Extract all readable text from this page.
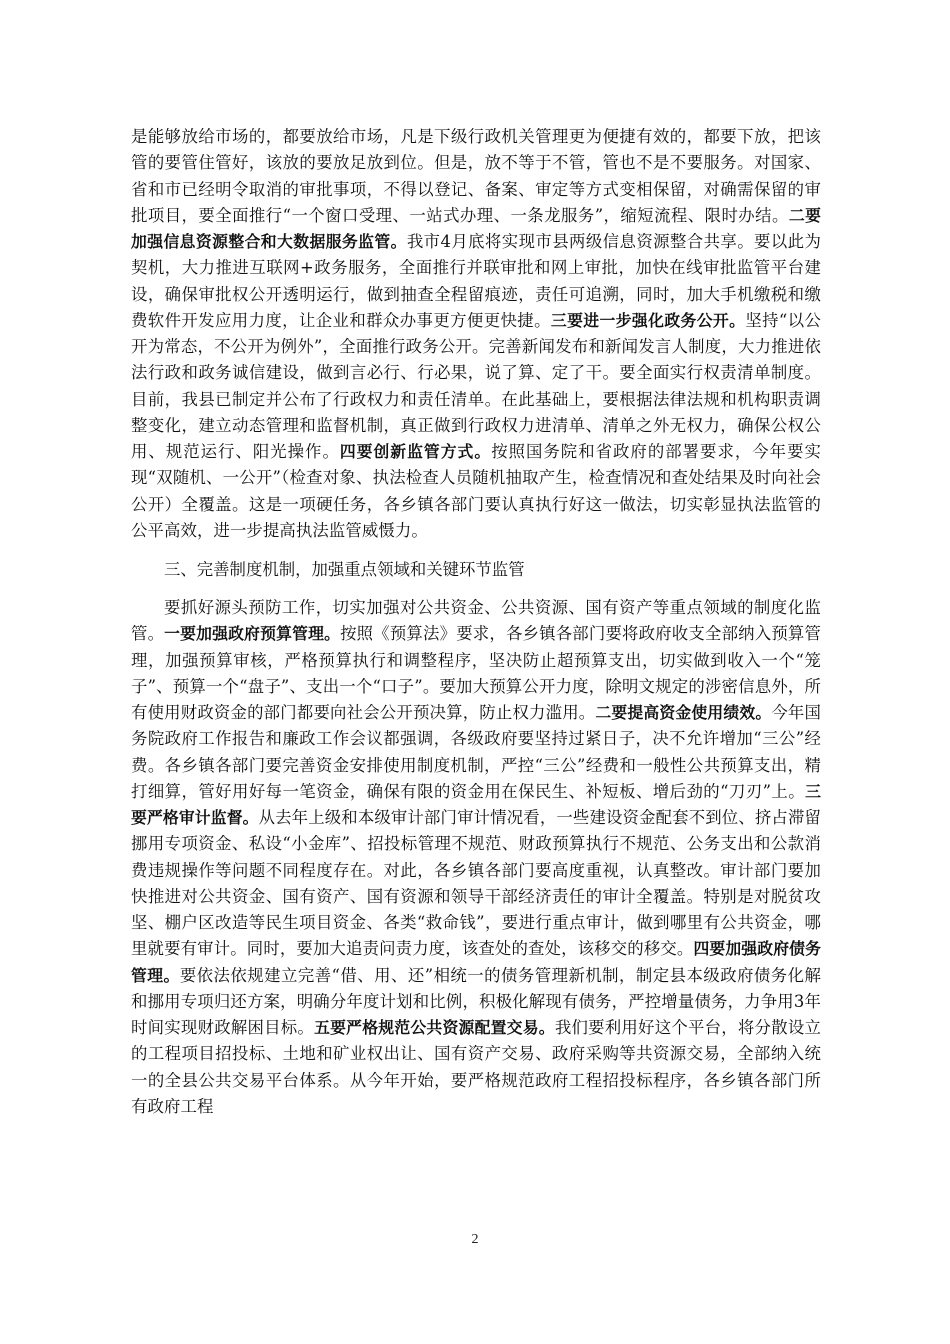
是能够放给市场的，都要放给市场，凡是下级行政机关管理更为便捷有效的，都要下放，把该管的要管住管好，该放的要放足放到位。但是，放不等于不管，管也不是不要服务。对国家、省和市已经明令取消的审批事项，不得以登记、备案、审定等方式变相保留，对确需保留的审批项目，要全面推行“一个窗口受理、一站式办理、一条龙服务”，缩短流程、限时办结。二要加强信息资源整合和大数据服务监管。我市4月底将实现市县两级信息资源整合共享。要以此为契机，大力推进互联网+政务服务，全面推行并联审批和网上审批，加快在线审批监管平台建设，确保审批权公开透明运行，做到抽查全程留痕迹，责任可追溯，同时，加大手机缴税和缴费软件开发应用力度，让企业和群众办事更方便更快捷。三要进一步强化政务公开。坚持“以公开为常态，不公开为例外”，全面推行政务公开。完善新闻发布和新闻发言人制度，大力推进依法行政和政务诚信建设，做到言必行、行必果，说了算、定了干。要全面实行权责清单制度。目前，我县已制定并公布了行政权力和责任清单。在此基础上，要根据法律法规和机构职责调整变化，建立动态管理和监督机制，真正做到行政权力进清单、清单之外无权力，确保公权公用、规范运行、阳光操作。四要创新监管方式。按照国务院和省政府的部署要求，今年要实现“双随机、一公开”（检查对象、执法检查人员随机抽取产生，检查情况和查处结果及时向社会公开）全覆盖。这是一项硬任务，各乡镇各部门要认真执行好这一做法，切实彰显执法监管的公平高效，进一步提高执法监管威慑力。

三、完善制度机制，加强重点领域和关键环节监管

要抓好源头预防工作，切实加强对公共资金、公共资源、国有资产等重点领域的制度化监管。一要加强政府预算管理。按照《预算法》要求，各乡镇各部门要将政府收支全部纳入预算管理，加强预算审核，严格预算执行和调整程序，坚决防止超预算支出，切实做到收入一个“笼子”、预算一个“盘子”、支出一个“口子”。要加大预算公开力度，除明文规定的涉密信息外，所有使用财政资金的部门都要向社会公开预决算，防止权力滥用。二要提高资金使用绩效。今年国务院政府工作报告和廉政工作会议都强调，各级政府要坚持过紧日子，决不允许增加“三公”经费。各乡镇各部门要完善资金安排使用制度机制，严控“三公”经费和一般性公共预算支出，精打细算，管好用好每一笔资金，确保有限的资金用在保民生、补短板、增后劲的“刀刃”上。三要严格审计监督。从去年上级和本级审计部门审计情况看，一些建设资金配套不到位、挤占滞留挪用专项资金、私设“小金库”、招投标管理不规范、财政预算执行不规范、公务支出和公款消费违规操作等问题不同程度存在。对此，各乡镇各部门要高度重视，认真整改。审计部门要加快推进对公共资金、国有资产、国有资源和领导干部经济责任的审计全覆盖。特别是对脱贫攻坚、棚户区改造等民生项目资金、各类“救命钱”，要进行重点审计，做到哪里有公共资金，哪里就要有审计。同时，要加大追责问责力度，该查处的查处，该移交的移交。四要加强政府债务管理。要依法依规建立完善“借、用、还”相统一的债务管理新机制，制定县本级政府债务化解和挪用专项归还方案，明确分年度计划和比例，积极化解现有债务，严控增量债务，力争用3年时间实现财政解困目标。五要严格规范公共资源配置交易。我们要利用好这个平台，将分散设立的工程项目招投标、土地和矿业权出让、国有资产交易、政府采购等共资源交易，全部纳入统一的全县公共交易平台体系。从今年开始，要严格规范政府工程招投标程序，各乡镇各部门所有政府工程

2
